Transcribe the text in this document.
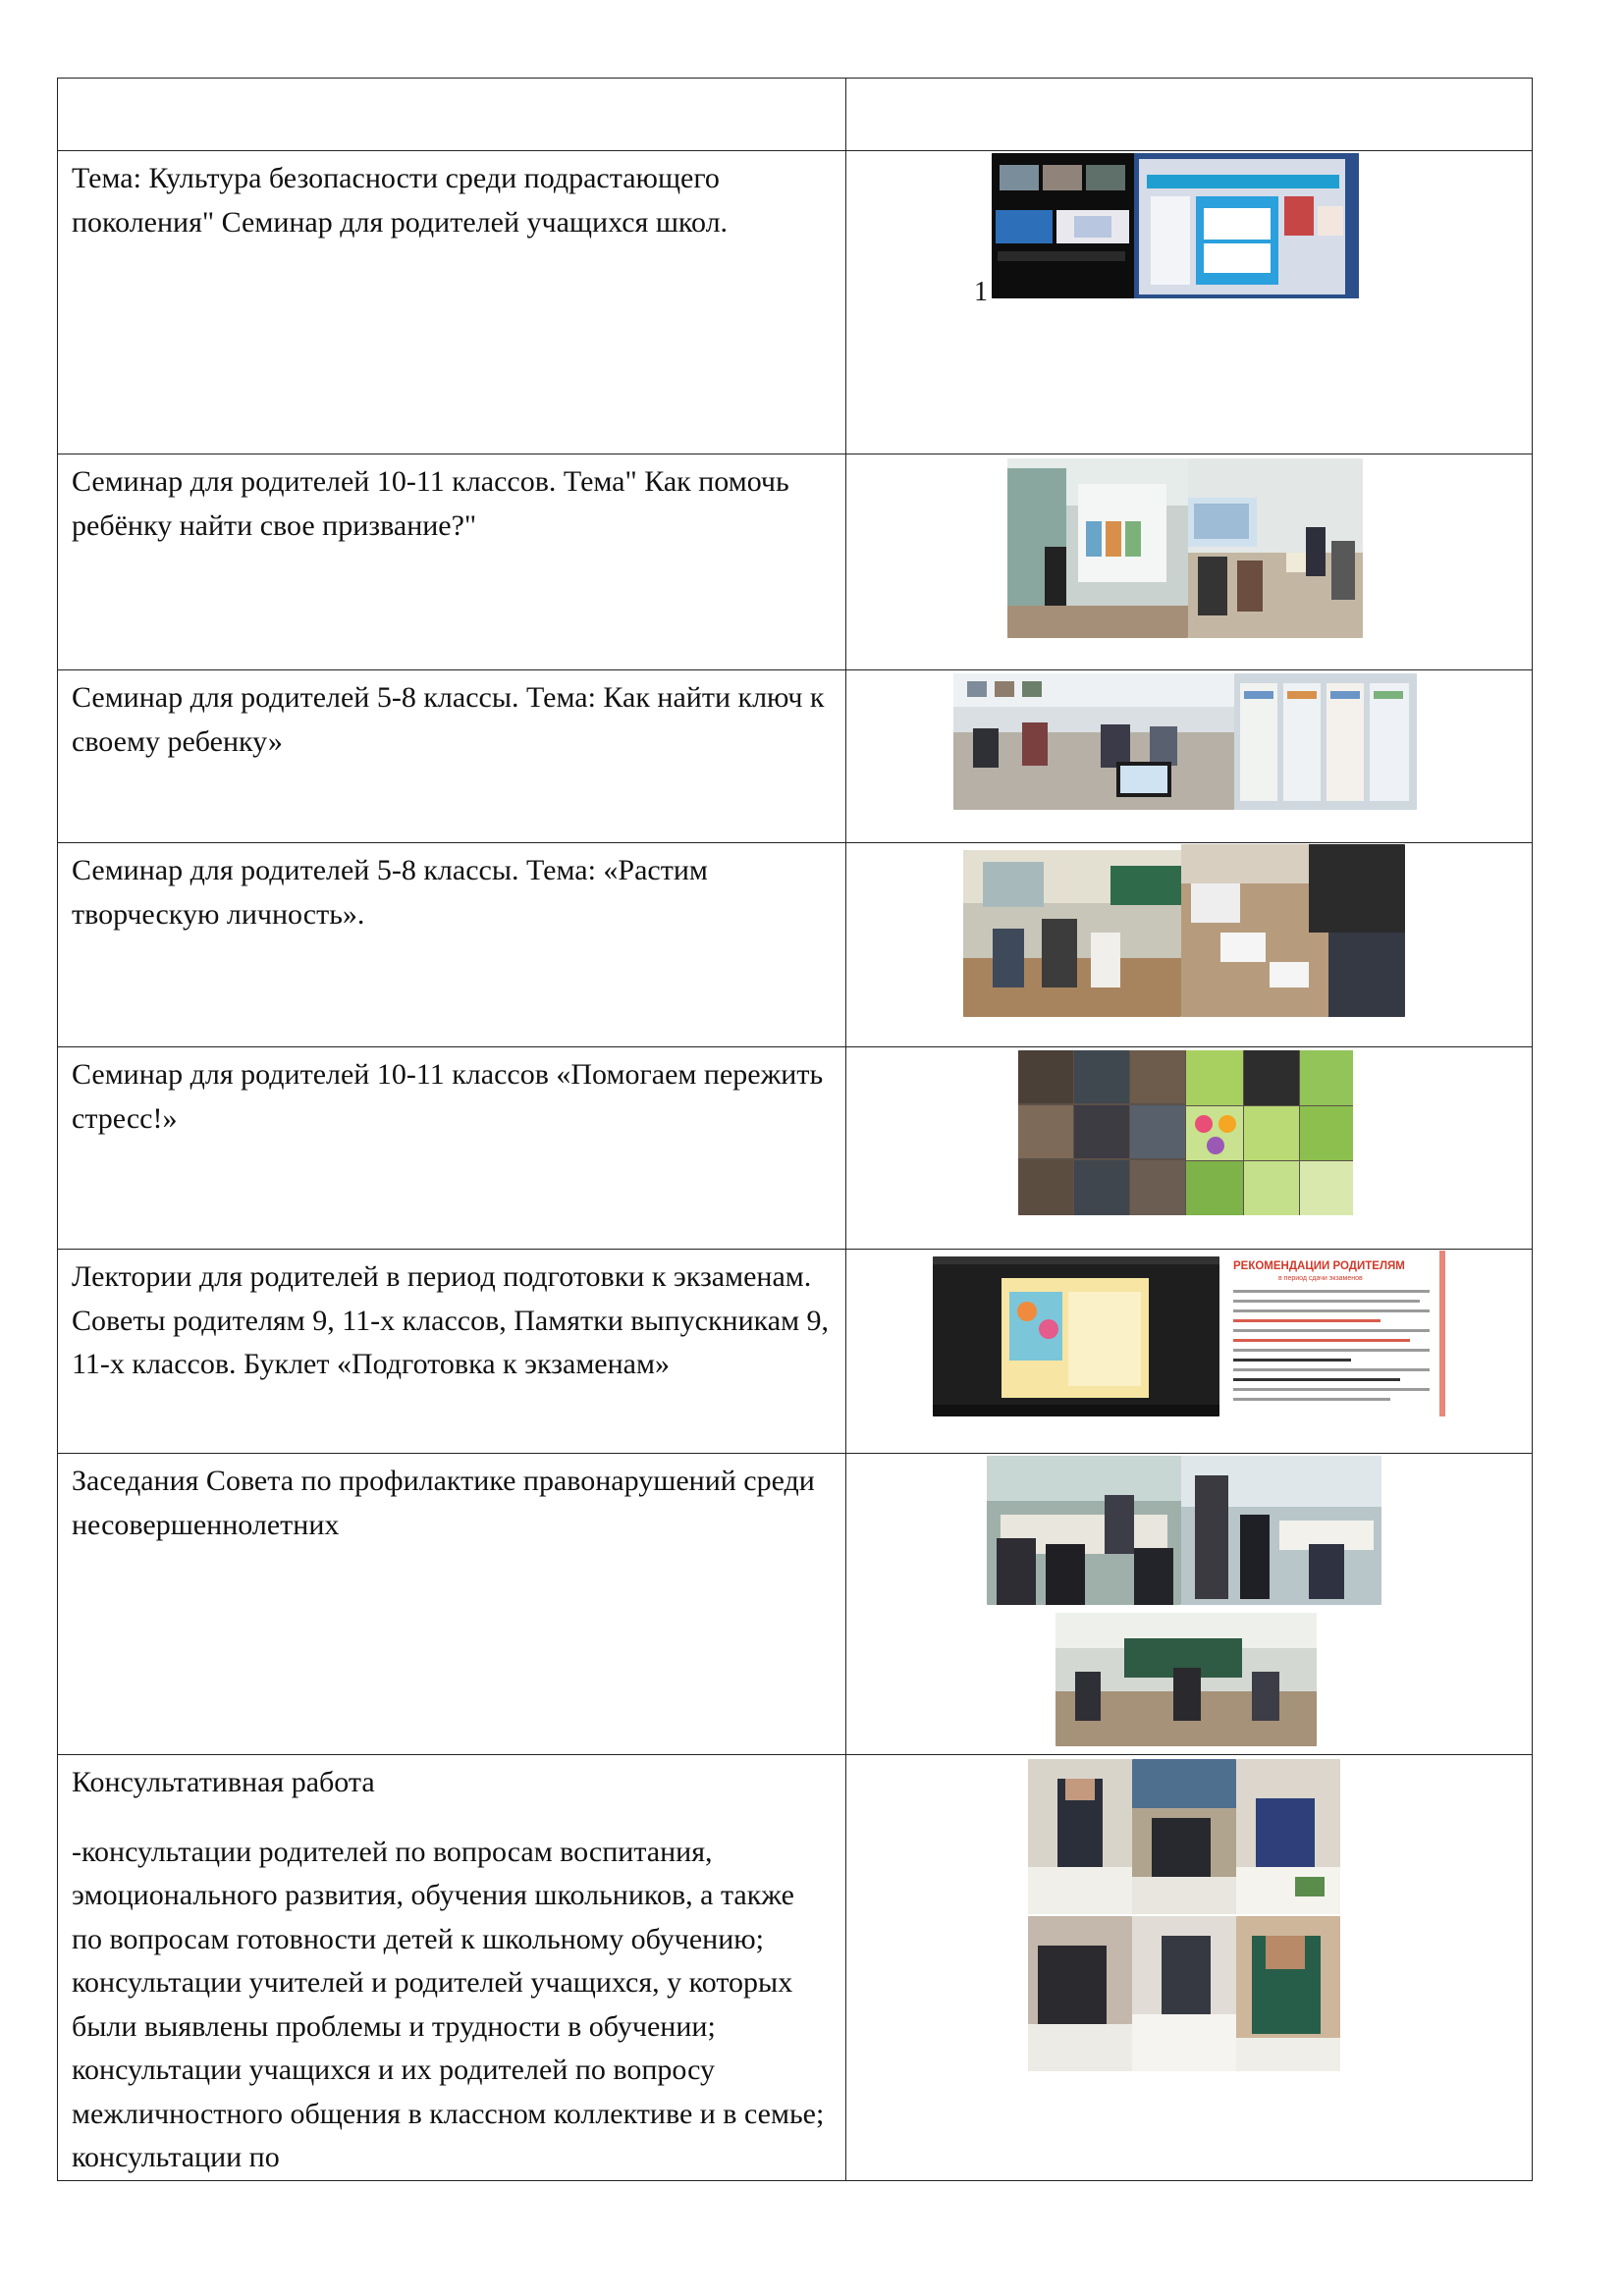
Тема: Культура безопасности среди подрастающего поколения" Семинар для родителей учащихся школ.	1

Семинар для родителей 10-11 классов. Тема" Как помочь ребёнку найти свое призвание?"	

Семинар для родителей 5-8 классы. Тема: Как найти ключ к своему ребенку»	

Семинар для родителей 5-8 классы. Тема: «Растим творческую личность».	

Семинар для родителей 10-11 классов «Помогаем пережить стресс!»	

Лектории для родителей в период подготовки к экзаменам. Советы родителям 9, 11-х классов, Памятки выпускникам 9, 11-х классов. Буклет «Подготовка к экзаменам»	РЕКОМЕНДАЦИИ РОДИТЕЛЯМ
в период сдачи экзаменов

Заседания Совета по профилактике правонарушений среди несовершеннолетних	

Консультативная работа
-консультации родителей по вопросам воспитания, эмоционального развития, обучения школьников, а также по вопросам готовности детей к школьному обучению; консультации учителей и родителей учащихся, у которых были выявлены проблемы и трудности в обучении; консультации учащихся и их родителей по вопросу межличностного общения в классном коллективе и в семье; консультации по	
